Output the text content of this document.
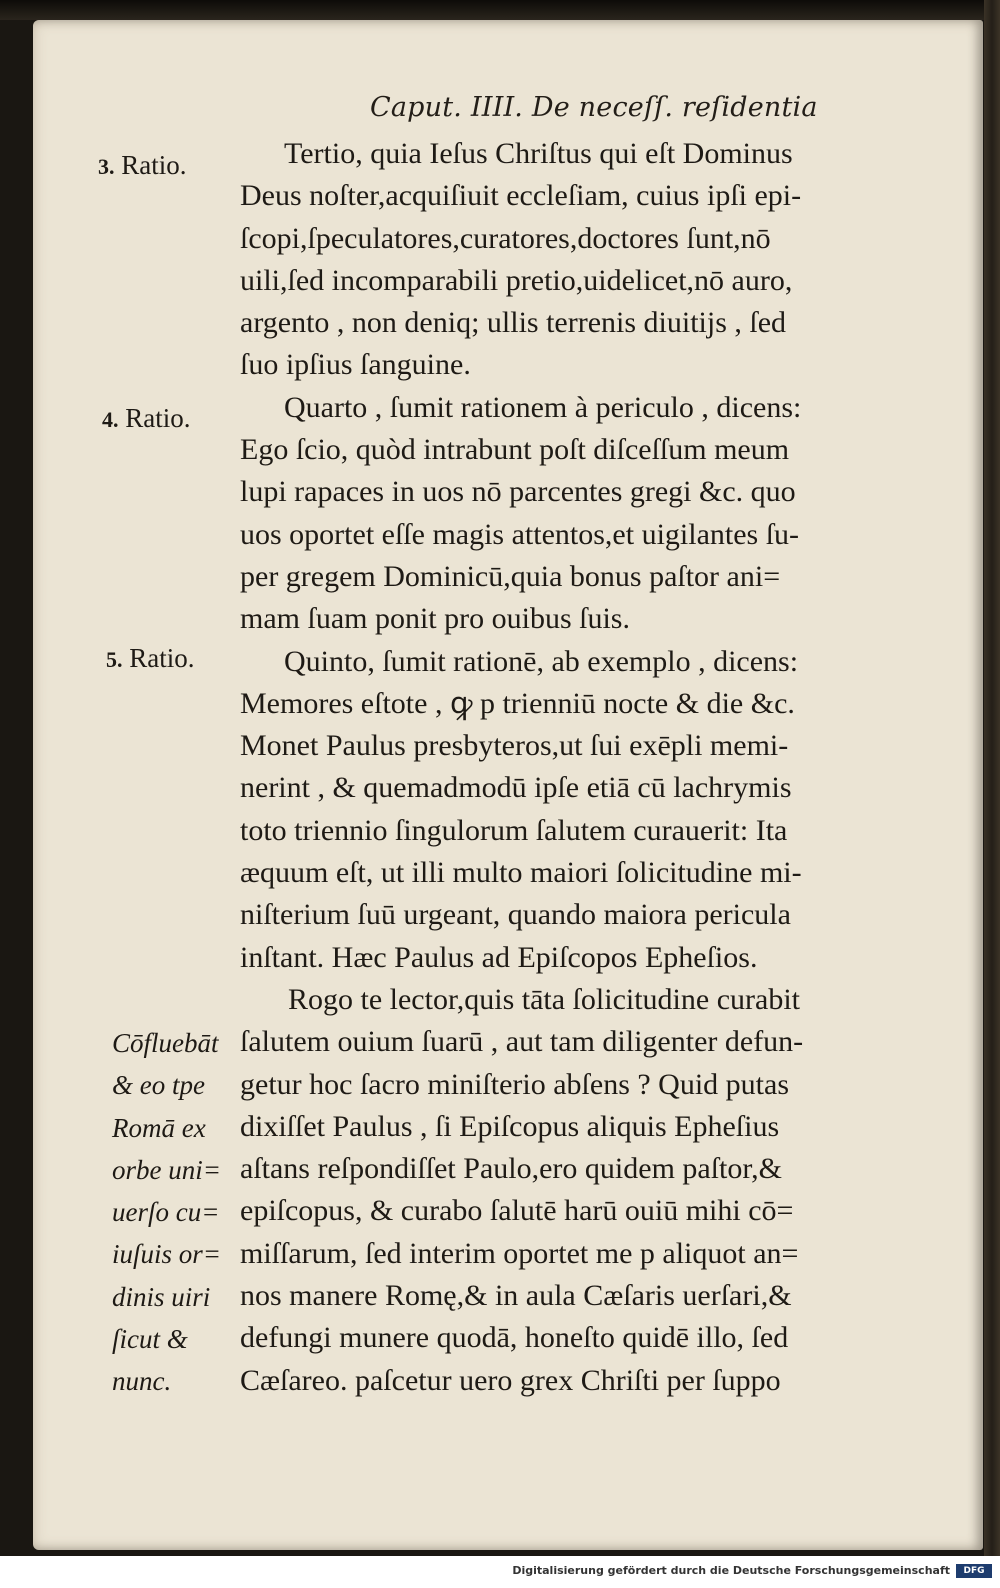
Caput. IIII. De neceſſ. reſidentia
3. Ratio.
4. Ratio.
5. Ratio.
Tertio, quia Ieſus Chriſtus qui eſt Dominus
Deus noſter,acquiſiuit eccleſiam, cuius ipſi epi-
ſcopi,ſpeculatores,curatores,doctores ſunt,nō
uili,ſed incomparabili pretio,uidelicet,nō auro,
argento , non deniq; ullis terrenis diuitijs , ſed
ſuo ipſius ſanguine.
Quarto , ſumit rationem à periculo , dicens:
Ego ſcio, quòd intrabunt poſt diſceſſum meum
lupi rapaces in uos nō parcentes gregi &c. quo
uos oportet eſſe magis attentos,et uigilantes ſu-
per gregem Dominicū,quia bonus paſtor ani=
mam ſuam ponit pro ouibus ſuis.
Quinto, ſumit rationē, ab exemplo , dicens:
Memores eſtote , ꝙ p trienniū nocte & die &c.
Monet Paulus presbyteros,ut ſui exēpli memi-
nerint , & quemadmodū ipſe etiā cū lachrymis
toto triennio ſingulorum ſalutem curauerit: Ita
æquum eſt, ut illi multo maiori ſolicitudine mi-
niſterium ſuū urgeant, quando maiora pericula
inſtant. Hæc Paulus ad Epiſcopos Epheſios.
Rogo te lector,quis tāta ſolicitudine curabit
ſalutem ouium ſuarū , aut tam diligenter defun-
getur hoc ſacro miniſterio abſens ? Quid putas
dixiſſet Paulus , ſi Epiſcopus aliquis Epheſius
aſtans reſpondiſſet Paulo,ero quidem paſtor,&
epiſcopus, & curabo ſalutē harū ouiū mihi cō=
miſſarum, ſed interim oportet me p aliquot an=
nos manere Romę,& in aula Cæſaris uerſari,&
defungi munere quodā, honeſto quidē illo, ſed
Cæſareo. paſcetur uero grex Chriſti per ſuppo
Cōfluebāt
& eo tpe
Romā ex
orbe uni=
uerſo cu=
iuſuis or=
dinis uiri
ſicut &
nunc.
Digitalisierung gefördert durch die Deutsche Forschungsgemeinschaft	DFG
